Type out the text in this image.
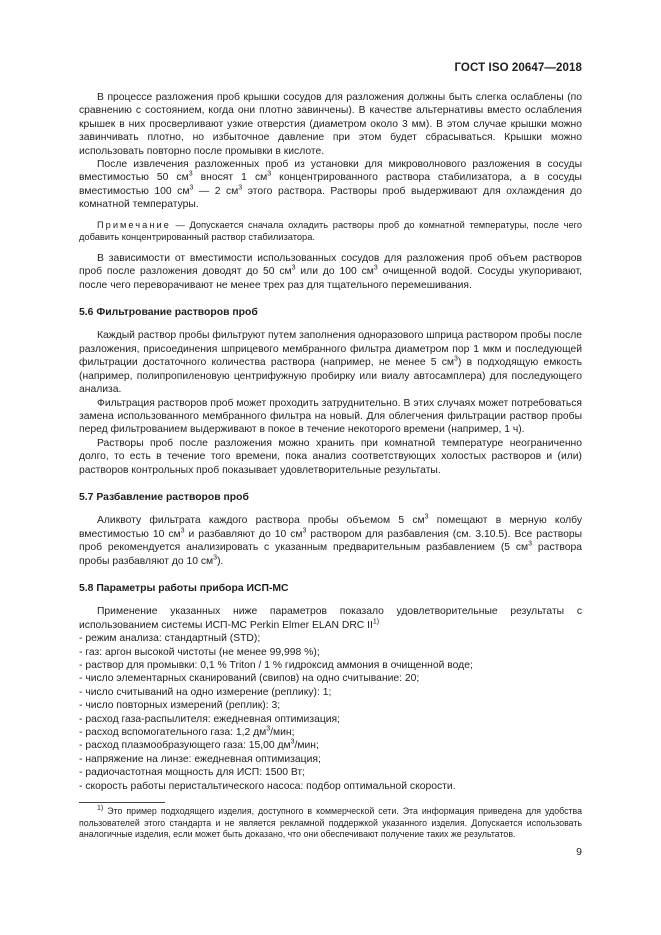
ГОСТ ISO 20647—2018

В процессе разложения проб крышки сосудов для разложения должны быть слегка ослаблены (по сравнению с состоянием, когда они плотно завинчены). В качестве альтернативы вместо ослабления крышек в них просверливают узкие отверстия (диаметром около 3 мм). В этом случае крышки можно завинчивать плотно, но избыточное давление при этом будет сбрасываться. Крышки можно использовать повторно после промывки в кислоте.

После извлечения разложенных проб из установки для микроволнового разложения в сосуды вместимостью 50 $см^3$ вносят 1 $см^3$ концентрированного раствора стабилизатора, а в сосуды вместимостью 100 $см^3$ — 2 $см^3$ этого раствора. Растворы проб выдерживают для охлаждения до комнатной температуры.

Примечание — Допускается сначала охладить растворы проб до комнатной температуры, после чего добавить концентрированный раствор стабилизатора.

В зависимости от вместимости использованных сосудов для разложения проб объем растворов проб после разложения доводят до 50 $см^3$ или до 100 $см^3$ очищенной водой. Сосуды укупоривают, после чего переворачивают не менее трех раз для тщательного перемешивания.

5.6 Фильтрование растворов проб

Каждый раствор пробы фильтруют путем заполнения одноразового шприца раствором пробы после разложения, присоединения шприцевого мембранного фильтра диаметром пор 1 мкм и последующей фильтрации достаточного количества раствора (например, не менее 5 $см^3$) в подходящую емкость (например, полипропиленовую центрифужную пробирку или виалу автосамплера) для последующего анализа.

Фильтрация растворов проб может проходить затруднительно. В этих случаях может потребоваться замена использованного мембранного фильтра на новый. Для облегчения фильтрации раствор пробы перед фильтрованием выдерживают в покое в течение некоторого времени (например, 1 ч).

Растворы проб после разложения можно хранить при комнатной температуре неограниченно долго, то есть в течение того времени, пока анализ соответствующих холостых растворов и (или) растворов контрольных проб показывает удовлетворительные результаты.

5.7 Разбавление растворов проб

Аликвоту фильтрата каждого раствора пробы объемом 5 $см^3$ помещают в мерную колбу вместимостью 10 $см^3$ и разбавляют до 10 $см^3$ раствором для разбавления (см. 3.10.5). Все растворы проб рекомендуется анализировать с указанным предварительным разбавлением (5 $см^3$ раствора пробы разбавляют до 10 $см^3$).

5.8 Параметры работы прибора ИСП-МС

Применение указанных ниже параметров показало удовлетворительные результаты с использованием системы ИСП-МС Perkin Elmer ELAN DRC II$^{1)}$

- режим анализа: стандартный (STD);
- газ: аргон высокой чистоты (не менее 99,998 %);
- раствор для промывки: 0,1 % Triton / 1 % гидроксид аммония в очищенной воде;
- число элементарных сканирований (свипов) на одно считывание: 20;
- число считываний на одно измерение (реплику): 1;
- число повторных измерений (реплик): 3;
- расход газа-распылителя: ежедневная оптимизация;
- расход вспомогательного газа: 1,2 $дм^3$/мин;
- расход плазмообразующего газа: 15,00 $дм^3$/мин;
- напряжение на линзе: ежедневная оптимизация;
- радиочастотная мощность для ИСП: 1500 Вт;
- скорость работы перистальтического насоса: подбор оптимальной скорости.
$^{1)}$ Это пример подходящего изделия, доступного в коммерческой сети. Эта информация приведена для удобства пользователей этого стандарта и не является рекламной поддержкой указанного изделия. Допускается использовать аналогичные изделия, если может быть доказано, что они обеспечивают получение таких же результатов.
9
